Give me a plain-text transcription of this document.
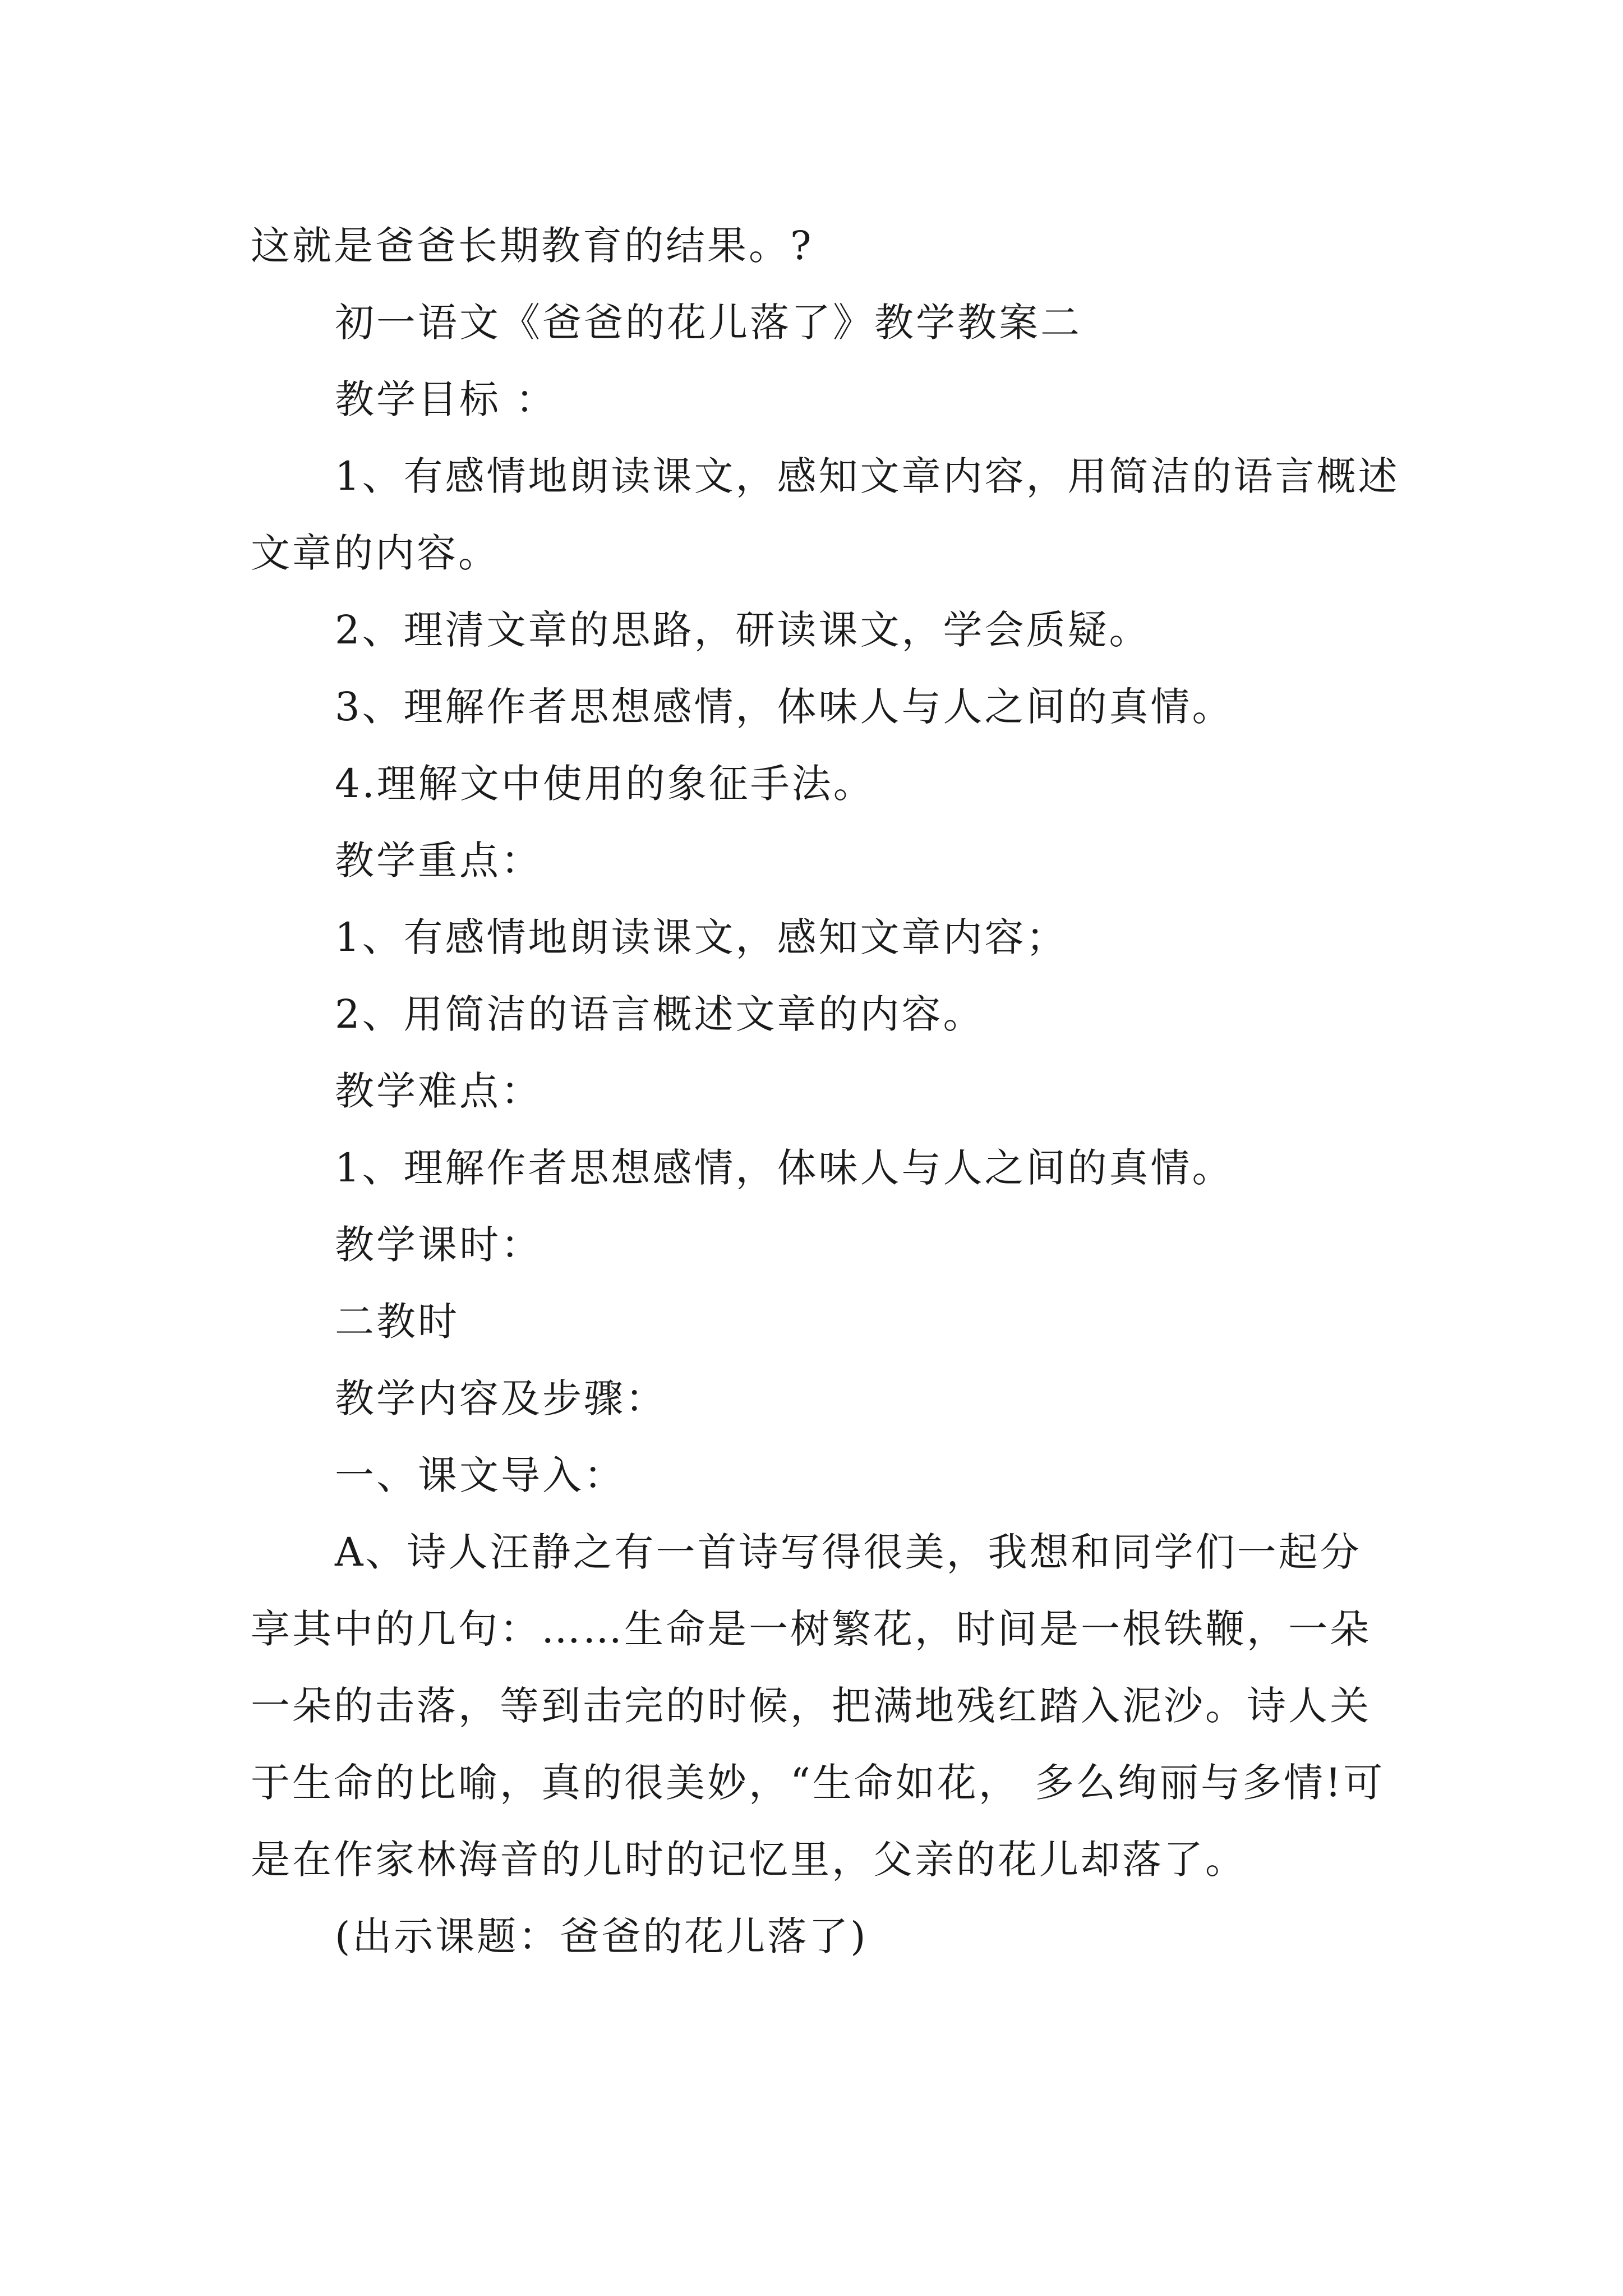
这就是爸爸长期教育的结果。?

初一语文《爸爸的花儿落了》教学教案二

教学目标 ：

1、有感情地朗读课文，感知文章内容，用简洁的语言概述文章的内容。

2、理清文章的思路，研读课文，学会质疑。

3、理解作者思想感情，体味人与人之间的真情。

4.理解文中使用的象征手法。

教学重点：

1、有感情地朗读课文，感知文章内容；

2、用简洁的语言概述文章的内容。

教学难点：

1、理解作者思想感情，体味人与人之间的真情。

教学课时：

二教时

教学内容及步骤：

一、课文导入：

A、诗人汪静之有一首诗写得很美，我想和同学们一起分享其中的几句：……生命是一树繁花，时间是一根铁鞭，一朵一朵的击落，等到击完的时候，把满地残红踏入泥沙。诗人关于生命的比喻，真的很美妙，“生命如花， 多么绚丽与多情!可是在作家林海音的儿时的记忆里，父亲的花儿却落了。

(出示课题：爸爸的花儿落了)
